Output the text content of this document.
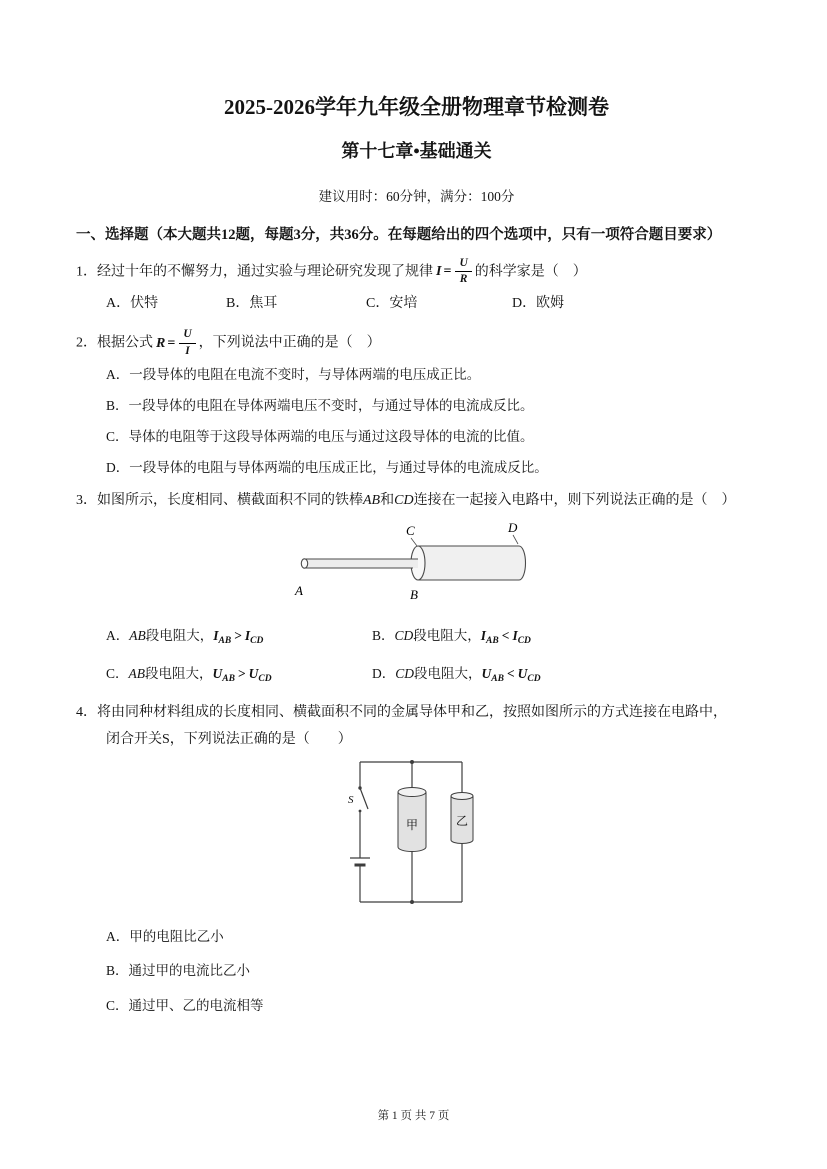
2025-2026学年九年级全册物理章节检测卷
第十七章•基础通关
建议用时：60分钟，满分：100分
一、选择题（本大题共12题，每题3分，共36分。在每题给出的四个选项中，只有一项符合题目要求）
1．经过十年的不懈努力，通过实验与理论研究发现了规律 $I = \frac{U}{R}$ 的科学家是（　）
A．伏特	B．焦耳	C．安培	D．欧姆
2．根据公式 $R = \frac{U}{I}$ ，下列说法中正确的是（　）
A．一段导体的电阻在电流不变时，与导体两端的电压成正比。
B．一段导体的电阻在导体两端电压不变时，与通过导体的电流成反比。
C．导体的电阻等于这段导体两端的电压与通过这段导体的电流的比值。
D．一段导体的电阻与导体两端的电压成正比，与通过导体的电流成反比。
3．如图所示，长度相同、横截面积不同的铁棒AB和CD连接在一起接入电路中，则下列说法正确的是（　）
A	B
C	D
A．AB段电阻大，$I_{AB} > I_{CD}$	B．CD段电阻大，$I_{AB} < I_{CD}$
C．AB段电阻大，$U_{AB} > U_{CD}$	D．CD段电阻大，$U_{AB} < U_{CD}$
4．将由同种材料组成的长度相同、横截面积不同的金属导体甲和乙，按照如图所示的方式连接在电路中，
闭合开关S，下列说法正确的是（　　）
甲	乙
S
A．甲的电阻比乙小
B．通过甲的电流比乙小
C．通过甲、乙的电流相等
第 1 页 共 7 页
